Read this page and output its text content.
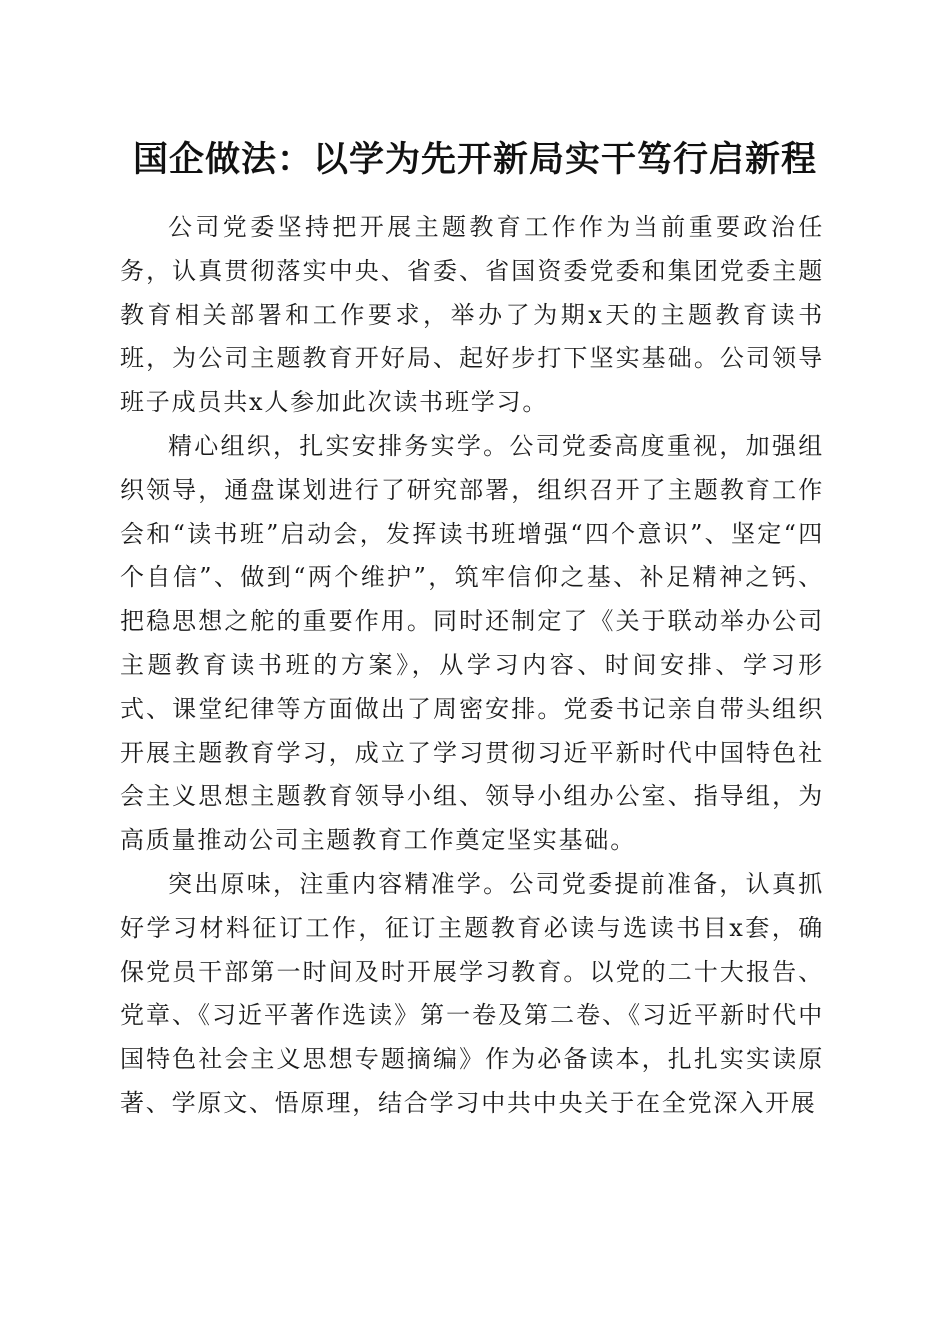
国企做法：以学为先开新局实干笃行启新程

公司党委坚持把开展主题教育工作作为当前重要政治任务，认真贯彻落实中央、省委、省国资委党委和集团党委主题教育相关部署和工作要求，举办了为期x天的主题教育读书班，为公司主题教育开好局、起好步打下坚实基础。公司领导班子成员共x人参加此次读书班学习。

精心组织，扎实安排务实学。公司党委高度重视，加强组织领导，通盘谋划进行了研究部署，组织召开了主题教育工作会和“读书班”启动会，发挥读书班增强“四个意识”、坚定“四个自信”、做到“两个维护”，筑牢信仰之基、补足精神之钙、把稳思想之舵的重要作用。同时还制定了《关于联动举办公司主题教育读书班的方案》，从学习内容、时间安排、学习形式、课堂纪律等方面做出了周密安排。党委书记亲自带头组织开展主题教育学习，成立了学习贯彻习近平新时代中国特色社会主义思想主题教育领导小组、领导小组办公室、指导组，为高质量推动公司主题教育工作奠定坚实基础。

突出原味，注重内容精准学。公司党委提前准备，认真抓好学习材料征订工作，征订主题教育必读与选读书目x套，确保党员干部第一时间及时开展学习教育。以党的二十大报告、党章、《习近平著作选读》第一卷及第二卷、《习近平新时代中国特色社会主义思想专题摘编》作为必备读本，扎扎实实读原著、学原文、悟原理，结合学习中共中央关于在全党深入开展
